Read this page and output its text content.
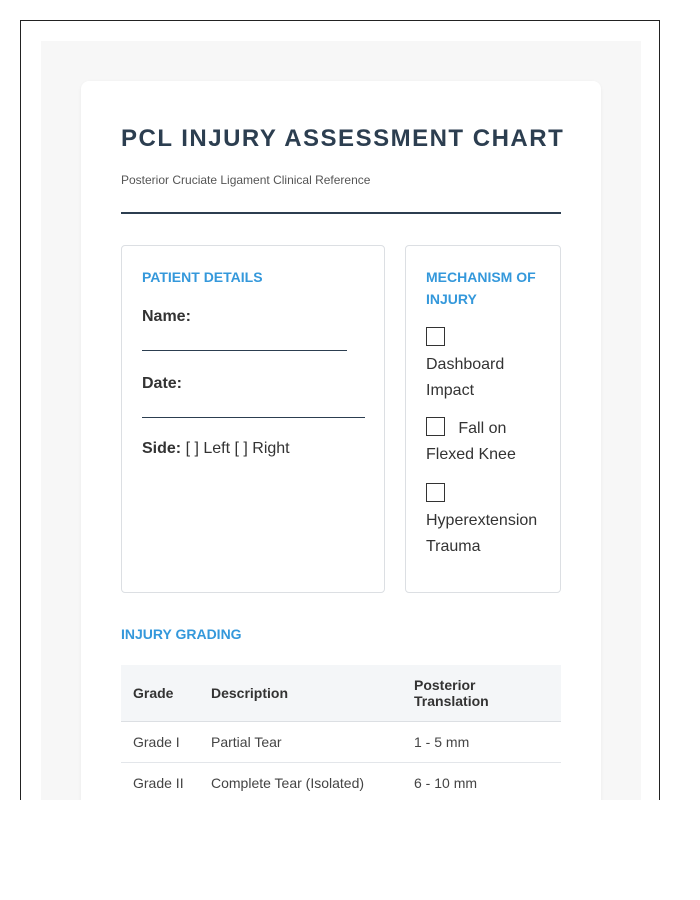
PCL INJURY ASSESSMENT CHART
Posterior Cruciate Ligament Clinical Reference
PATIENT DETAILS
Name:
Date:
Side: [ ] Left [ ] Right
MECHANISM OF INJURY

Dashboard Impact
Fall on Flexed Knee

Hyperextension Trauma
INJURY GRADING
Grade	Description	Posterior Translation
Grade I	Partial Tear	1 - 5 mm
Grade II	Complete Tear (Isolated)	6 - 10 mm
